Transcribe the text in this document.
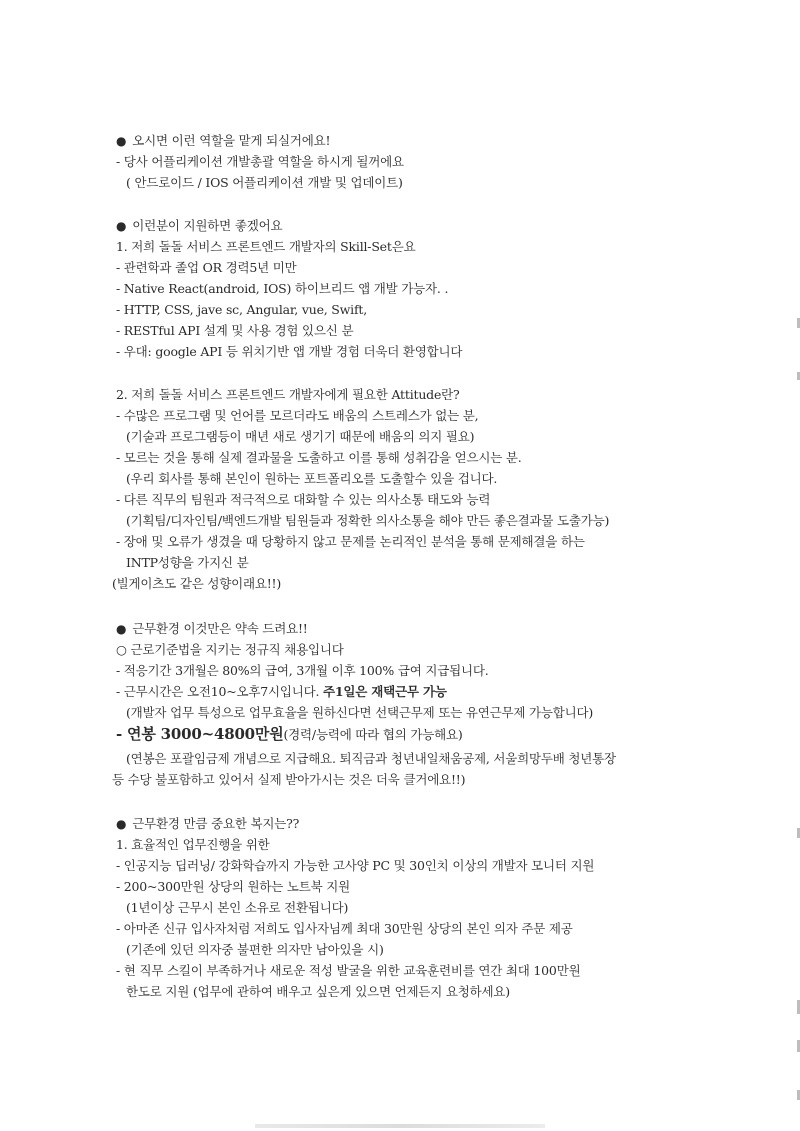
● 오시면 이런 역할을 맡게 되실거에요!
- 당사 어플리케이션 개발총괄 역할을 하시게 될꺼에요
( 안드로이드 / IOS 어플리케이션 개발 및 업데이트)
● 이런분이 지원하면 좋겠어요
1. 저희 돌돌 서비스 프론트엔드 개발자의 Skill-Set은요
- 관련학과 졸업 OR 경력5년 미만
- Native React(android, IOS) 하이브리드 앱 개발 가능자. .
- HTTP, CSS, jave sc, Angular, vue, Swift,
- RESTful API 설계 및 사용 경험 있으신 분
- 우대: google API 등 위치기반 앱 개발 경험 더욱더 환영합니다
2. 저희 돌돌 서비스 프론트엔드 개발자에게 필요한 Attitude란?
- 수많은 프로그램 및 언어를 모르더라도 배움의 스트레스가 없는 분,
(기술과 프로그램등이 매년 새로 생기기 때문에 배움의 의지 필요)
- 모르는 것을 통해 실제 결과물을 도출하고 이를 통해 성취감을 얻으시는 분.
(우리 회사를 통해 본인이 원하는 포트폴리오를 도출할수 있을 겁니다.
- 다른 직무의 팀원과 적극적으로 대화할 수 있는 의사소통 태도와 능력
(기획팀/디자인팀/백엔드개발 팀원들과 정확한 의사소통을 해야 만든 좋은결과물 도출가능)
- 장애 및 오류가 생겼을 때 당황하지 않고 문제를 논리적인 분석을 통해 문제해결을 하는
INTP성향을 가지신 분
(빌게이츠도 같은 성향이래요!!)
● 근무환경 이것만은 약속 드려요!!
○ 근로기준법을 지키는 정규직 채용입니다
- 적응기간 3개월은 80%의 급여, 3개월 이후 100% 급여 지급됩니다.
- 근무시간은 오전10~오후7시입니다. 주1일은 재택근무 가능
(개발자 업무 특성으로 업무효율을 원하신다면 선택근무제 또는 유연근무제 가능합니다)
- 연봉 3000~4800만원(경력/능력에 따라 협의 가능해요)
(연봉은 포괄임금제 개념으로 지급해요. 퇴직금과 청년내일채움공제, 서울희망두배 청년통장
등 수당 불포함하고 있어서 실제 받아가시는 것은 더욱 클거에요!!)
● 근무환경 만큼 중요한 복지는??
1. 효율적인 업무진행을 위한
- 인공지능 딥러닝/ 강화학습까지 가능한 고사양 PC 및 30인치 이상의 개발자 모니터 지원
- 200~300만원 상당의 원하는 노트북 지원
(1년이상 근무시 본인 소유로 전환됩니다)
- 아마존 신규 입사자처럼 저희도 입사자님께 최대 30만원 상당의 본인 의자 주문 제공
(기존에 있던 의자중 불편한 의자만 남아있을 시)
- 현 직무 스킬이 부족하거나 새로운 적성 발굴을 위한 교육훈련비를 연간 최대 100만원
한도로 지원 (업무에 관하여 배우고 싶은게 있으면 언제든지 요청하세요)
